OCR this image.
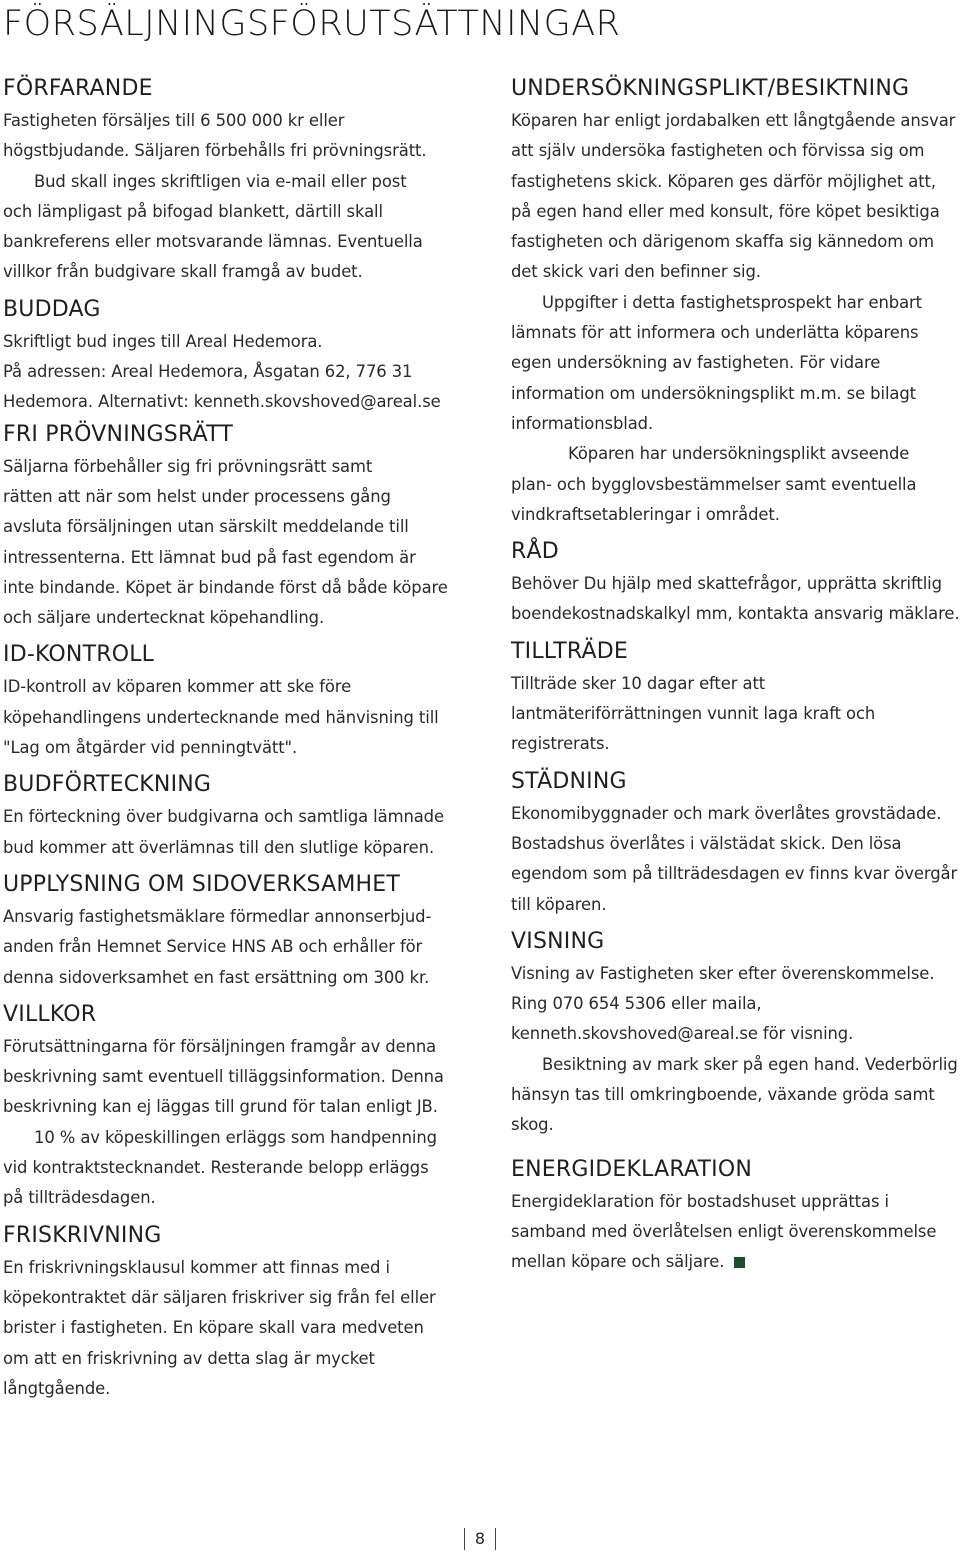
FÖRSÄLJNINGSFÖRUTSÄTTNINGAR
FÖRFARANDE

Fastigheten försäljes till 6 500 000 kr eller

högstbjudande. Säljaren förbehålls fri prövningsrätt.

Bud skall inges skriftligen via e-mail eller post

och lämpligast på bifogad blankett, därtill skall

bankreferens eller motsvarande lämnas. Eventuella

villkor från budgivare skall framgå av budet.

BUDDAG

Skriftligt bud inges till Areal Hedemora.

På adressen: Areal Hedemora, Åsgatan 62, 776 31

Hedemora. Alternativt: kenneth.skovshoved@areal.se

FRI PRÖVNINGSRÄTT

Säljarna förbehåller sig fri prövningsrätt samt

rätten att när som helst under processens gång

avsluta försäljningen utan särskilt meddelande till

intressenterna. Ett lämnat bud på fast egendom är

inte bindande. Köpet är bindande först då både köpare

och säljare undertecknat köpehandling.

ID-KONTROLL

ID-kontroll av köparen kommer att ske före

köpehandlingens undertecknande med hänvisning till

"Lag om åtgärder vid penningtvätt".

BUDFÖRTECKNING

En förteckning över budgivarna och samtliga lämnade

bud kommer att överlämnas till den slutlige köparen.

UPPLYSNING OM SIDOVERKSAMHET

Ansvarig fastighetsmäklare förmedlar annonserbjud-

anden från Hemnet Service HNS AB och erhåller för

denna sidoverksamhet en fast ersättning om 300 kr.

VILLKOR

Förutsättningarna för försäljningen framgår av denna

beskrivning samt eventuell tilläggsinformation. Denna

beskrivning kan ej läggas till grund för talan enligt JB.

10 % av köpeskillingen erläggs som handpenning

vid kontraktstecknandet. Resterande belopp erläggs

på tillträdesdagen.

FRISKRIVNING

En friskrivningsklausul kommer att finnas med i

köpekontraktet där säljaren friskriver sig från fel eller

brister i fastigheten. En köpare skall vara medveten

om att en friskrivning av detta slag är mycket

långtgående.

UNDERSÖKNINGSPLIKT/BESIKTNING

Köparen har enligt jordabalken ett långtgående ansvar

att själv undersöka fastigheten och förvissa sig om

fastighetens skick. Köparen ges därför möjlighet att,

på egen hand eller med konsult, före köpet besiktiga

fastigheten och därigenom skaffa sig kännedom om

det skick vari den befinner sig.

Uppgifter i detta fastighetsprospekt har enbart

lämnats för att informera och underlätta köparens

egen undersökning av fastigheten. För vidare

information om undersökningsplikt m.m. se bilagt

informationsblad.

Köparen har undersökningsplikt avseende

plan- och bygglovsbestämmelser samt eventuella

vindkraftsetableringar i området.

RÅD

Behöver Du hjälp med skattefrågor, upprätta skriftlig

boendekostnadskalkyl mm, kontakta ansvarig mäklare.

TILLTRÄDE

Tillträde sker 10 dagar efter att

lantmäteriförrättningen vunnit laga kraft och

registrerats.

STÄDNING

Ekonomibyggnader och mark överlåtes grovstädade.

Bostadshus överlåtes i välstädat skick. Den lösa

egendom som på tillträdesdagen ev finns kvar övergår

till köparen.

VISNING

Visning av Fastigheten sker efter överenskommelse.

Ring 070 654 5306 eller maila,

kenneth.skovshoved@areal.se för visning.

Besiktning av mark sker på egen hand. Vederbörlig

hänsyn tas till omkringboende, växande gröda samt

skog.

ENERGIDEKLARATION

Energideklaration för bostadshuset upprättas i

samband med överlåtelsen enligt överenskommelse

mellan köpare och säljare.

8
